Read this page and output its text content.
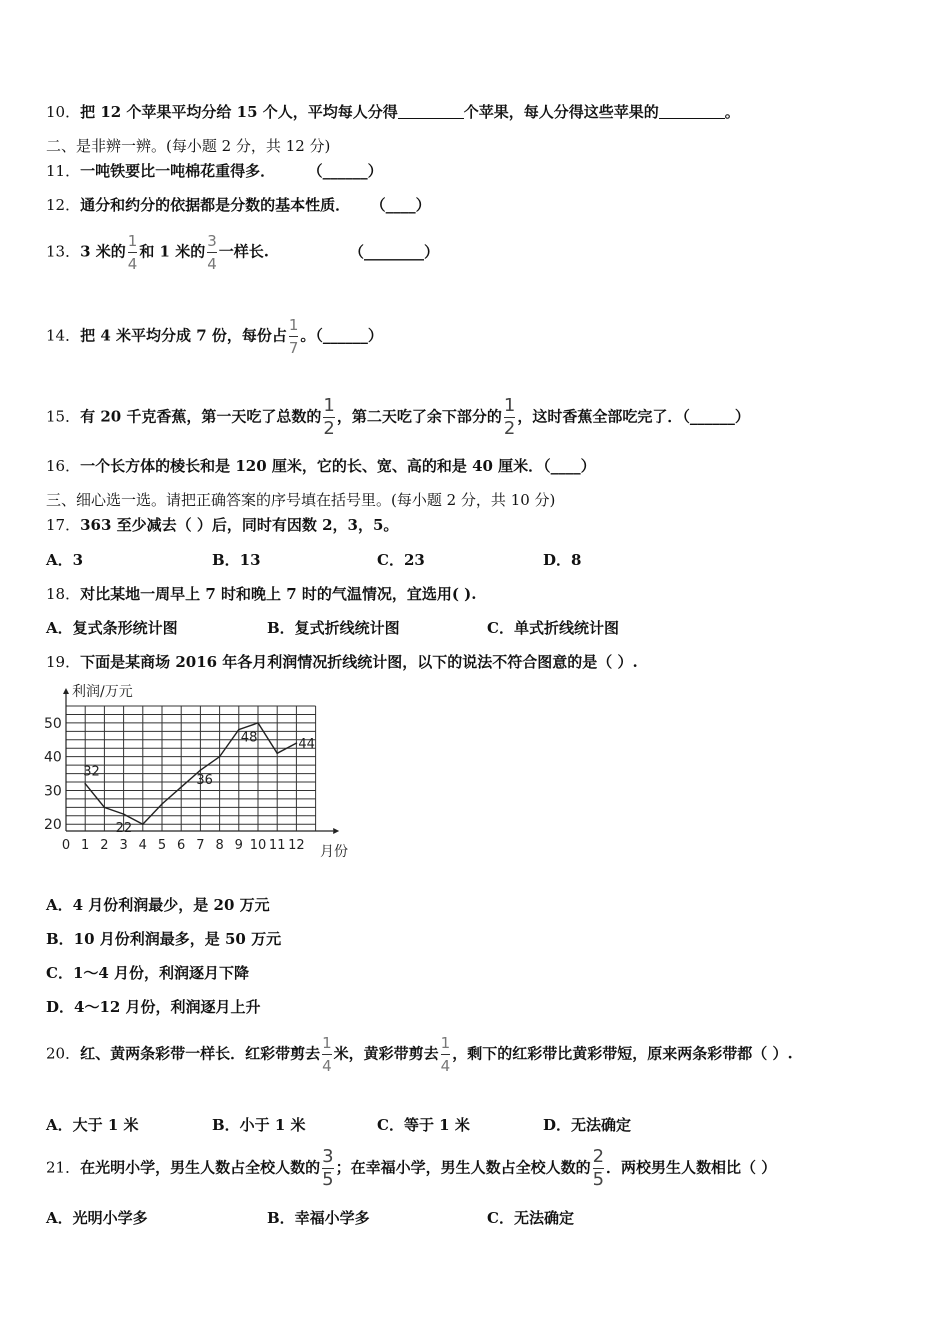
10．把 12 个苹果平均分给 15 个人，平均每人分得	个苹果，每人分得这些苹果的	。
二、是非辨一辨。(每小题 2 分，共 12 分)
11．一吨铁要比一吨棉花重得多．	（______）
12．通分和约分的依据都是分数的基本性质． （____）
13．3 米的 $\frac{1}{4}$ 和 1 米的 $\frac{3}{4}$ 一样长.	（________）
14．把 4 米平均分成 7 份，每份占 $\frac{1}{7}$ 。（______）
15．有 20 千克香蕉，第一天吃了总数的 $\frac{1}{2}$ ，第二天吃了余下部分的 $\frac{1}{2}$ ，这时香蕉全部吃完了．（______）
16．一个长方体的棱长和是 120 厘米，它的长、宽、高的和是 40 厘米．（____）
三、细心选一选。请把正确答案的序号填在括号里。(每小题 2 分，共 10 分)
17．363 至少减去（ ）后，同时有因数 2，3，5。
A．3	B．13	C．23	D．8
18．对比某地一周早上 7 时和晚上 7 时的气温情况，宜选用( ).
A．复式条形统计图	B．复式折线统计图	C．单式折线统计图
19．下面是某商场 2016 年各月利润情况折线统计图，以下的说法不符合图意的是（ ）.
20
30
40
50
0 1 2 3 4 5 6 7 8 9 10 11 12
32
22
36
48	44
利润/万元
月份
A．4 月份利润最少，是 20 万元
B．10 月份利润最多，是 50 万元
C．1～4 月份，利润逐月下降
D．4～12 月份，利润逐月上升
20．红、黄两条彩带一样长．红彩带剪去 $\frac{1}{4}$ 米，黄彩带剪去 $\frac{1}{4}$ ，剩下的红彩带比黄彩带短，原来两条彩带都（ ）.
A．大于 1 米	B．小于 1 米	C．等于 1 米	D．无法确定
21．在光明小学，男生人数占全校人数的 $\frac{3}{5}$ ；在幸福小学，男生人数占全校人数的 $\frac{2}{5}$ ．两校男生人数相比（ ）
A．光明小学多	B．幸福小学多	C．无法确定
